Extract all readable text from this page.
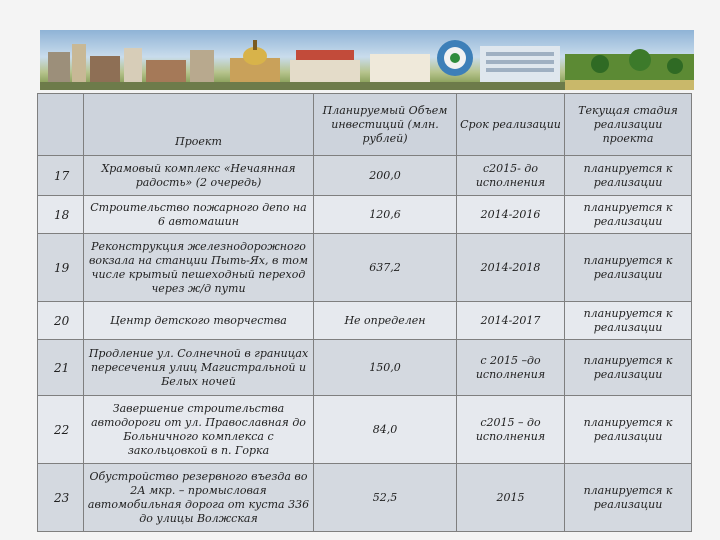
	Проект	Планируемый Объем инвестиций (млн. рублей)	Срок реализации	Текущая стадия реализации проекта
17	Храмовый комплекс «Нечаянная радость» (2 очередь)	200,0	с2015- до исполнения	планируется к реализации
18	Строительство пожарного депо на 6 автомашин	120,6	2014-2016	планируется к реализации
19	Реконструкция железнодорожного вокзала на станции Пыть-Ях, в том числе крытый пешеходный переход через ж/д пути	637,2	2014-2018	планируется к реализации
20	Центр детского творчества	Не определен	2014-2017	планируется к реализации
21	Продление ул. Солнечной в границах пересечения улиц Магистральной и Белых ночей	150,0	с 2015 –до исполнения	планируется к реализации
22	Завершение строительства автодороги от ул. Православная до Больничного комплекса с закольцовкой в п. Горка	84,0	с2015 – до исполнения	планируется к реализации
23	Обустройство резервного въезда во 2А мкр. – промысловая автомобильная дорога от куста 336 до улицы Волжская	52,5	2015	планируется к реализации
